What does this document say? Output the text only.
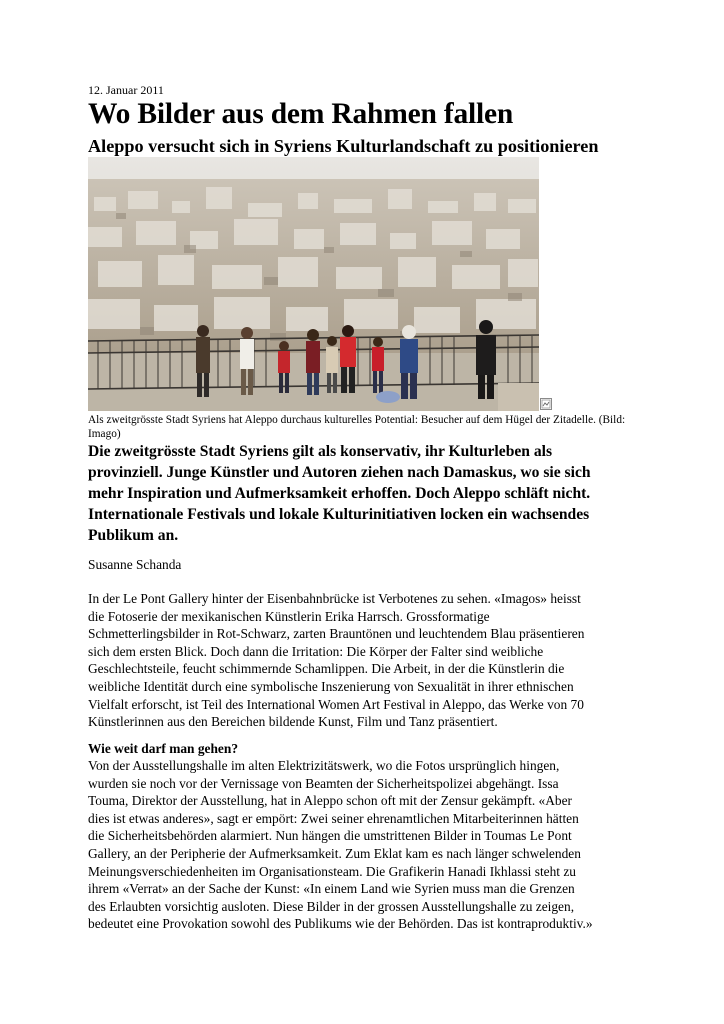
12. Januar 2011
Wo Bilder aus dem Rahmen fallen
Aleppo versucht sich in Syriens Kulturlandschaft zu positionieren
Als zweitgrösste Stadt Syriens hat Aleppo durchaus kulturelles Potential: Besucher auf dem Hügel der Zitadelle. (Bild: Imago)
Die zweitgrösste Stadt Syriens gilt als konservativ, ihr Kulturleben als
provinziell. Junge Künstler und Autoren ziehen nach Damaskus, wo sie sich
mehr Inspiration und Aufmerksamkeit erhoffen. Doch Aleppo schläft nicht.
Internationale Festivals und lokale Kulturinitiativen locken ein wachsendes
Publikum an.
Susanne Schanda
In der Le Pont Gallery hinter der Eisenbahnbrücke ist Verbotenes zu sehen. «Imagos» heisst
die Fotoserie der mexikanischen Künstlerin Erika Harrsch. Grossformatige
Schmetterlingsbilder in Rot-Schwarz, zarten Brauntönen und leuchtendem Blau präsentieren
sich dem ersten Blick. Doch dann die Irritation: Die Körper der Falter sind weibliche
Geschlechtsteile, feucht schimmernde Schamlippen. Die Arbeit, in der die Künstlerin die
weibliche Identität durch eine symbolische Inszenierung von Sexualität in ihrer ethnischen
Vielfalt erforscht, ist Teil des International Women Art Festival in Aleppo, das Werke von 70
Künstlerinnen aus den Bereichen bildende Kunst, Film und Tanz präsentiert.
Wie weit darf man gehen?
Von der Ausstellungshalle im alten Elektrizitätswerk, wo die Fotos ursprünglich hingen,
wurden sie noch vor der Vernissage von Beamten der Sicherheitspolizei abgehängt. Issa
Touma, Direktor der Ausstellung, hat in Aleppo schon oft mit der Zensur gekämpft. «Aber
dies ist etwas anderes», sagt er empört: Zwei seiner ehrenamtlichen Mitarbeiterinnen hätten
die Sicherheitsbehörden alarmiert. Nun hängen die umstrittenen Bilder in Toumas Le Pont
Gallery, an der Peripherie der Aufmerksamkeit. Zum Eklat kam es nach länger schwelenden
Meinungsverschiedenheiten im Organisationsteam. Die Grafikerin Hanadi Ikhlassi steht zu
ihrem «Verrat» an der Sache der Kunst: «In einem Land wie Syrien muss man die Grenzen
des Erlaubten vorsichtig ausloten. Diese Bilder in der grossen Ausstellungshalle zu zeigen,
bedeutet eine Provokation sowohl des Publikums wie der Behörden. Das ist kontraproduktiv.»
